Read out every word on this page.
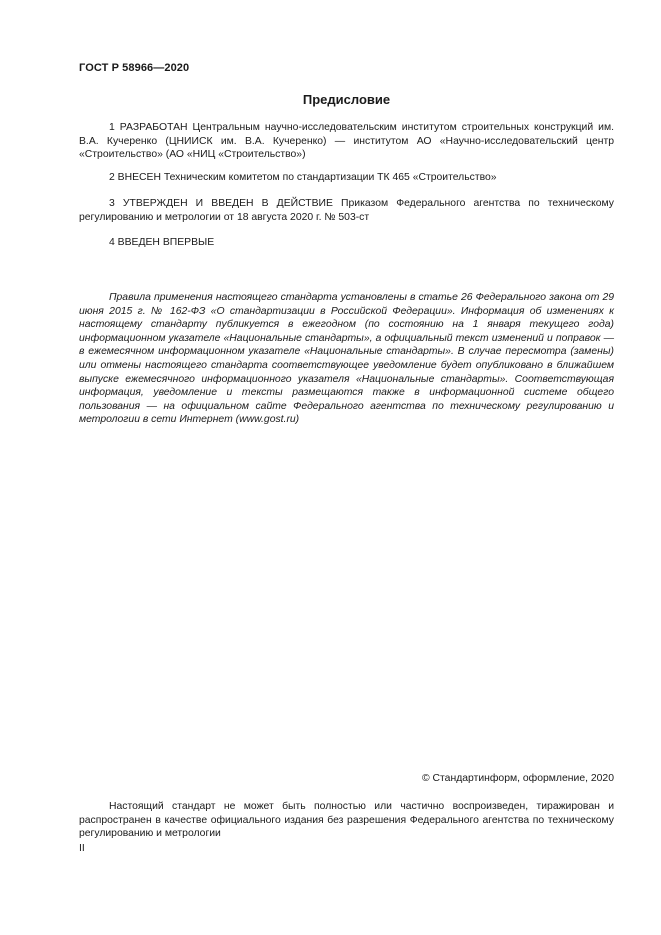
ГОСТ Р 58966—2020
Предисловие
1 РАЗРАБОТАН Центральным научно-исследовательским институтом строительных конструкций им. В.А. Кучеренко (ЦНИИСК им. В.А. Кучеренко) — институтом АО «Научно-исследовательский центр «Строительство» (АО «НИЦ «Строительство»)
2 ВНЕСЕН Техническим комитетом по стандартизации ТК 465 «Строительство»
3 УТВЕРЖДЕН И ВВЕДЕН В ДЕЙСТВИЕ Приказом Федерального агентства по техническому регулированию и метрологии от 18 августа 2020 г. № 503-ст
4 ВВЕДЕН ВПЕРВЫЕ
Правила применения настоящего стандарта установлены в статье 26 Федерального закона от 29 июня 2015 г. № 162-ФЗ «О стандартизации в Российской Федерации». Информация об изменениях к настоящему стандарту публикуется в ежегодном (по состоянию на 1 января текущего года) информационном указателе «Национальные стандарты», а официальный текст изменений и поправок — в ежемесячном информационном указателе «Национальные стандарты». В случае пересмотра (замены) или отмены настоящего стандарта соответствующее уведомление будет опубликовано в ближайшем выпуске ежемесячного информационного указателя «Национальные стандарты». Соответствующая информация, уведомление и тексты размещаются также в информационной системе общего пользования — на официальном сайте Федерального агентства по техническому регулированию и метрологии в сети Интернет (www.gost.ru)
© Стандартинформ, оформление, 2020
Настоящий стандарт не может быть полностью или частично воспроизведен, тиражирован и распространен в качестве официального издания без разрешения Федерального агентства по техническому регулированию и метрологии
II
